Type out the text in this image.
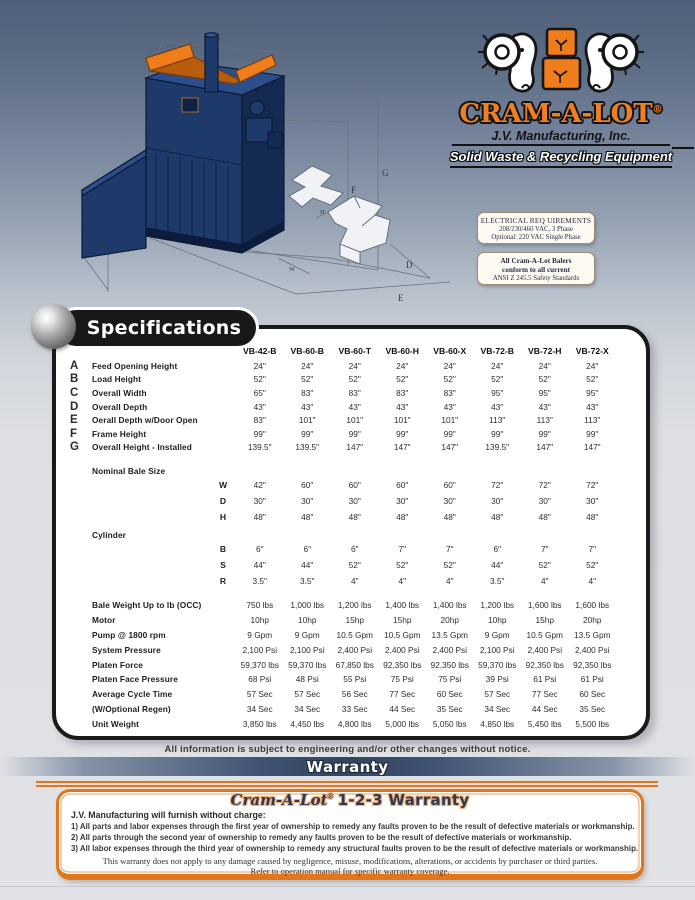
C
G
F
A
B
D
E
H
W
CRAM-A-LOT®
J.V. Manufacturing, Inc.
Solid Waste & Recycling Equipment
ELECTRICAL REQ UIREMENTS
208/230/460 VAC, 3 Phase
Optional: 220 VAC Single Phase
All Cram-A-Lot Balers
conform to all current
ANSI Z 245.5 Safety Standards
Specifications
VB-42-B	VB-60-B	VB-60-T	VB-60-H	VB-60-X	VB-72-B	VB-72-H	VB-72-X
A	Feed Opening Height	24"	24"	24"	24"	24"	24"	24"	24"
B	Load Height	52"	52"	52"	52"	52"	52"	52"	52"
C	Overall Width	65"	83"	83"	83"	83"	95"	95"	95"
D	Overall Depth	43"	43"	43"	43"	43"	43"	43"	43"
E	Oerall Depth w/Door Open	83"	101"	101"	101"	101"	113"	113"	113"
F	Frame Height	99"	99"	99"	99"	99"	99"	99"	99"
G	Overall Height - Installed	139.5"	139.5"	147"	147"	147"	139.5"	147"	147"
Nominal Bale Size
W	42"	60"	60"	60"	60"	72"	72"	72"
D	30"	30"	30"	30"	30"	30"	30"	30"
H	48"	48"	48"	48"	48"	48"	48"	48"
Cylinder
B	6"	6"	6"	7"	7"	6"	7"	7"
S	44"	44"	52"	52"	52"	44"	52"	52"
R	3.5"	3.5"	4"	4"	4"	3.5"	4"	4"
Bale Weight Up to lb (OCC)	750 lbs	1,000 lbs	1,200 lbs	1,400 lbs	1,400 lbs	1,200 lbs	1,600 lbs	1,600 lbs
Motor	10hp	10hp	15hp	15hp	20hp	10hp	15hp	20hp
Pump @ 1800 rpm	9 Gpm	9 Gpm	10.5 Gpm	10.5 Gpm	13.5 Gpm	9 Gpm	10.5 Gpm	13.5 Gpm
System Pressure	2,100 Psi	2,100 Psi	2,400 Psi	2,400 Psi	2,400 Psi	2,100 Psi	2,400 Psi	2,400 Psi
Platen Force	59,370 lbs	59,370 lbs	67,850 lbs	92,350 lbs	92,350 lbs	59,370 lbs	92,350 lbs	92,350 lbs
Platen Face Pressure	68 Psi	48 Psi	55 Psi	75 Psi	75 Psi	39 Psi	61 Psi	61 Psi
Average Cycle Time	57 Sec	57 Sec	56 Sec	77 Sec	60 Sec	57 Sec	77 Sec	60 Sec
(W/Optional Regen)	34 Sec	34 Sec	33 Sec	44 Sec	35 Sec	34 Sec	44 Sec	35 Sec
Unit Weight	3,850 lbs	4,450 lbs	4,800 lbs	5,000 lbs	5,050 lbs	4,850 lbs	5,450 lbs	5,500 lbs
All information is subject to engineering and/or other changes without notice.
Warranty
Cram-A-Lot® 1-2-3 Warranty
J.V. Manufacturing will furnish without charge:
1) All parts and labor expenses through the first year of ownership to remedy any faults proven to be the result of defective materials or workmanship.
2) All parts through the second year of ownership to remedy any faults proven to be the result of defective materials or workmanship.
3) All labor expenses through the third year of ownership to remedy any structural faults proven to be the result of defective materials or workmanship.
This warranty does not apply to any damage caused by negligence, misuse, modifications, alterations, or accidents by purchaser or third parties.
Refer to operation manual for specific warranty coverage.
